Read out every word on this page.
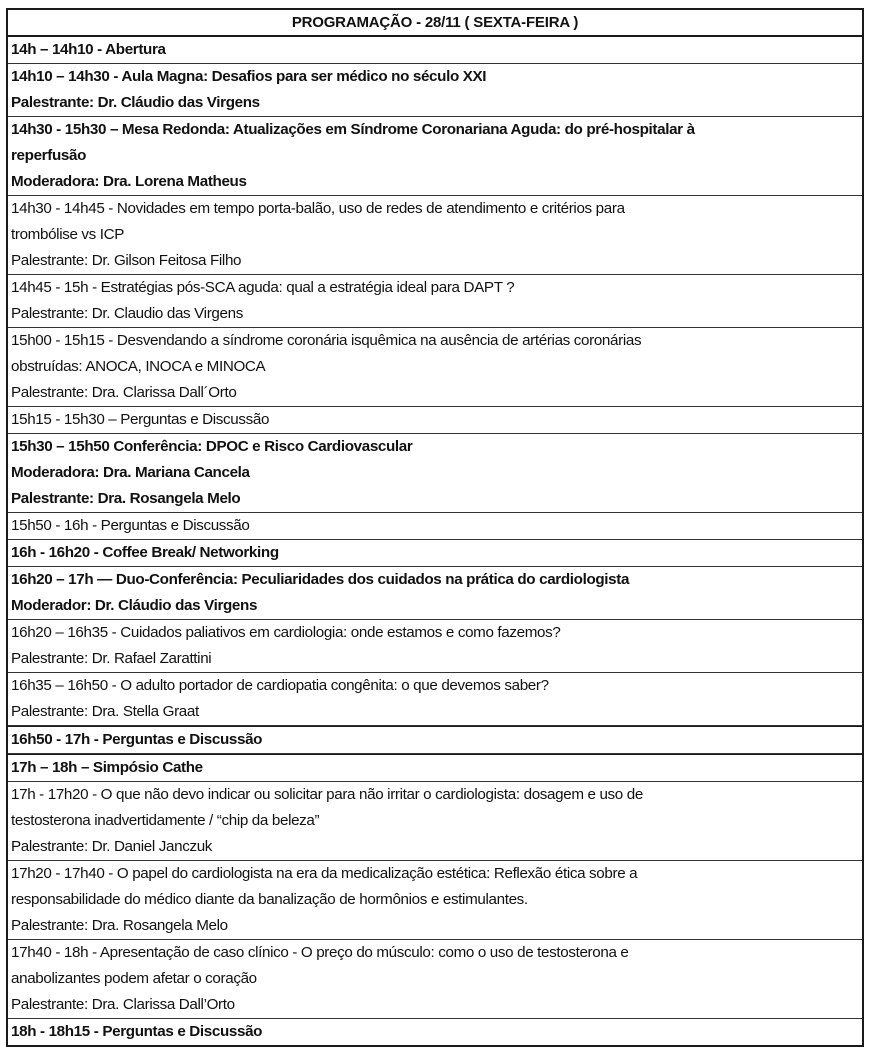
PROGRAMAÇÃO - 28/11 ( SEXTA-FEIRA )
14h – 14h10 - Abertura
14h10 – 14h30 - Aula Magna: Desafios para ser médico no século XXI
Palestrante: Dr. Cláudio das Virgens
14h30 - 15h30 – Mesa Redonda: Atualizações em Síndrome Coronariana Aguda: do pré-hospitalar à
reperfusão
Moderadora: Dra. Lorena Matheus
14h30 - 14h45 - Novidades em tempo porta-balão, uso de redes de atendimento e critérios para
trombólise vs ICP
Palestrante: Dr. Gilson Feitosa Filho
14h45 - 15h - Estratégias pós-SCA aguda: qual a estratégia ideal para DAPT ?
Palestrante: Dr. Claudio das Virgens
15h00 - 15h15 - Desvendando a síndrome coronária isquêmica na ausência de artérias coronárias
obstruídas: ANOCA, INOCA e MINOCA
Palestrante: Dra. Clarissa Dall´Orto
15h15 - 15h30 – Perguntas e Discussão
15h30 – 15h50 Conferência: DPOC e Risco Cardiovascular
Moderadora: Dra. Mariana Cancela
Palestrante: Dra. Rosangela Melo
15h50 - 16h - Perguntas e Discussão
16h - 16h20 - Coffee Break/ Networking
16h20 – 17h — Duo-Conferência: Peculiaridades dos cuidados na prática do cardiologista
Moderador: Dr. Cláudio das Virgens
16h20 – 16h35 - Cuidados paliativos em cardiologia: onde estamos e como fazemos?
Palestrante: Dr. Rafael Zarattini
16h35 – 16h50 - O adulto portador de cardiopatia congênita: o que devemos saber?
Palestrante: Dra. Stella Graat
16h50 - 17h - Perguntas e Discussão
17h – 18h – Simpósio Cathe
17h - 17h20 - O que não devo indicar ou solicitar para não irritar o cardiologista: dosagem e uso de
testosterona inadvertidamente / “chip da beleza”
Palestrante: Dr. Daniel Janczuk
17h20 - 17h40 - O papel do cardiologista na era da medicalização estética: Reflexão ética sobre a
responsabilidade do médico diante da banalização de hormônios e estimulantes.
Palestrante: Dra. Rosangela Melo
17h40 - 18h - Apresentação de caso clínico - O preço do músculo: como o uso de testosterona e
anabolizantes podem afetar o coração
Palestrante: Dra. Clarissa Dall’Orto
18h - 18h15 - Perguntas e Discussão
